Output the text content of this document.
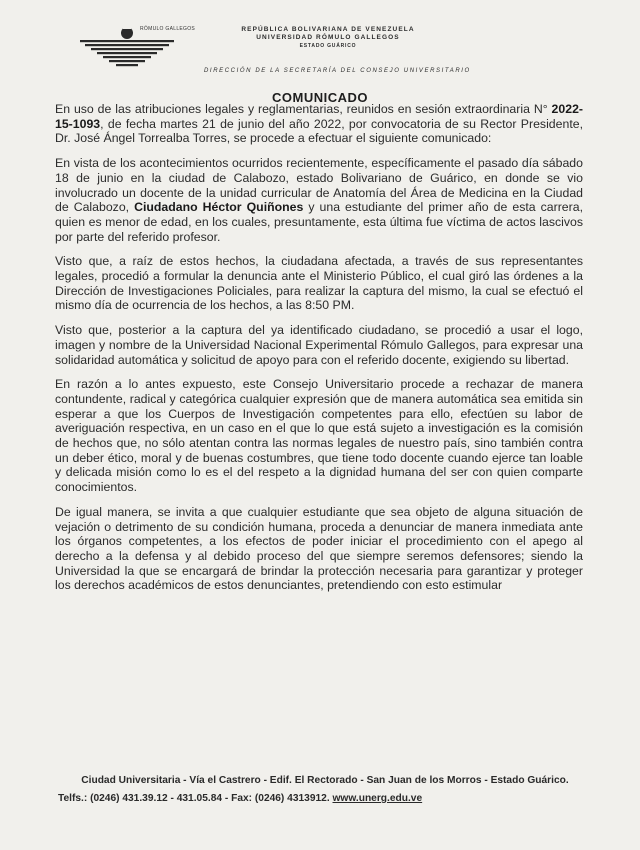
RÓMULO GALLEGOS	REPÚBLICA BOLIVARIANA DE VENEZUELA
UNIVERSIDAD RÓMULO GALLEGOS
ESTADO GUÁRICO
DIRECCIÓN DE LA SECRETARÍA DEL CONSEJO UNIVERSITARIO
COMUNICADO

En uso de las atribuciones legales y reglamentarias, reunidos en sesión extraordinaria N° 2022-15-1093, de fecha martes 21 de junio del año 2022, por convocatoria de su Rector Presidente, Dr. José Ángel Torrealba Torres, se procede a efectuar el siguiente comunicado:

En vista de los acontecimientos ocurridos recientemente, específicamente el pasado día sábado 18 de junio en la ciudad de Calabozo, estado Bolivariano de Guárico, en donde se vio involucrado un docente de la unidad curricular de Anatomía del Área de Medicina en la Ciudad de Calabozo, Ciudadano Héctor Quiñones y una estudiante del primer año de esta carrera, quien es menor de edad, en los cuales, presuntamente, esta última fue víctima de actos lascivos por parte del referido profesor.

Visto que, a raíz de estos hechos, la ciudadana afectada, a través de sus representantes legales, procedió a formular la denuncia ante el Ministerio Público, el cual giró las órdenes a la Dirección de Investigaciones Policiales, para realizar la captura del mismo, la cual se efectuó el mismo día de ocurrencia de los hechos, a las 8:50 PM.

Visto que, posterior a la captura del ya identificado ciudadano, se procedió a usar el logo, imagen y nombre de la Universidad Nacional Experimental Rómulo Gallegos, para expresar una solidaridad automática y solicitud de apoyo para con el referido docente, exigiendo su libertad.

En razón a lo antes expuesto, este Consejo Universitario procede a rechazar de manera contundente, radical y categórica cualquier expresión que de manera automática sea emitida sin esperar a que los Cuerpos de Investigación competentes para ello, efectúen su labor de averiguación respectiva, en un caso en el que lo que está sujeto a investigación es la comisión de hechos que, no sólo atentan contra las normas legales de nuestro país, sino también contra un deber ético, moral y de buenas costumbres, que tiene todo docente cuando ejerce tan loable y delicada misión como lo es el del respeto a la dignidad humana del ser con quien comparte conocimientos.

De igual manera, se invita a que cualquier estudiante que sea objeto de alguna situación de vejación o detrimento de su condición humana, proceda a denunciar de manera inmediata ante los órganos competentes, a los efectos de poder iniciar el procedimiento con el apego al derecho a la defensa y al debido proceso del que siempre seremos defensores; siendo la Universidad la que se encargará de brindar la protección necesaria para garantizar y proteger los derechos académicos de estos denunciantes, pretendiendo con esto estimular

Ciudad Universitaria - Vía el Castrero - Edif. El Rectorado - San Juan de los Morros - Estado Guárico.
Telfs.: (0246) 431.39.12 - 431.05.84 - Fax: (0246) 4313912. www.unerg.edu.ve
